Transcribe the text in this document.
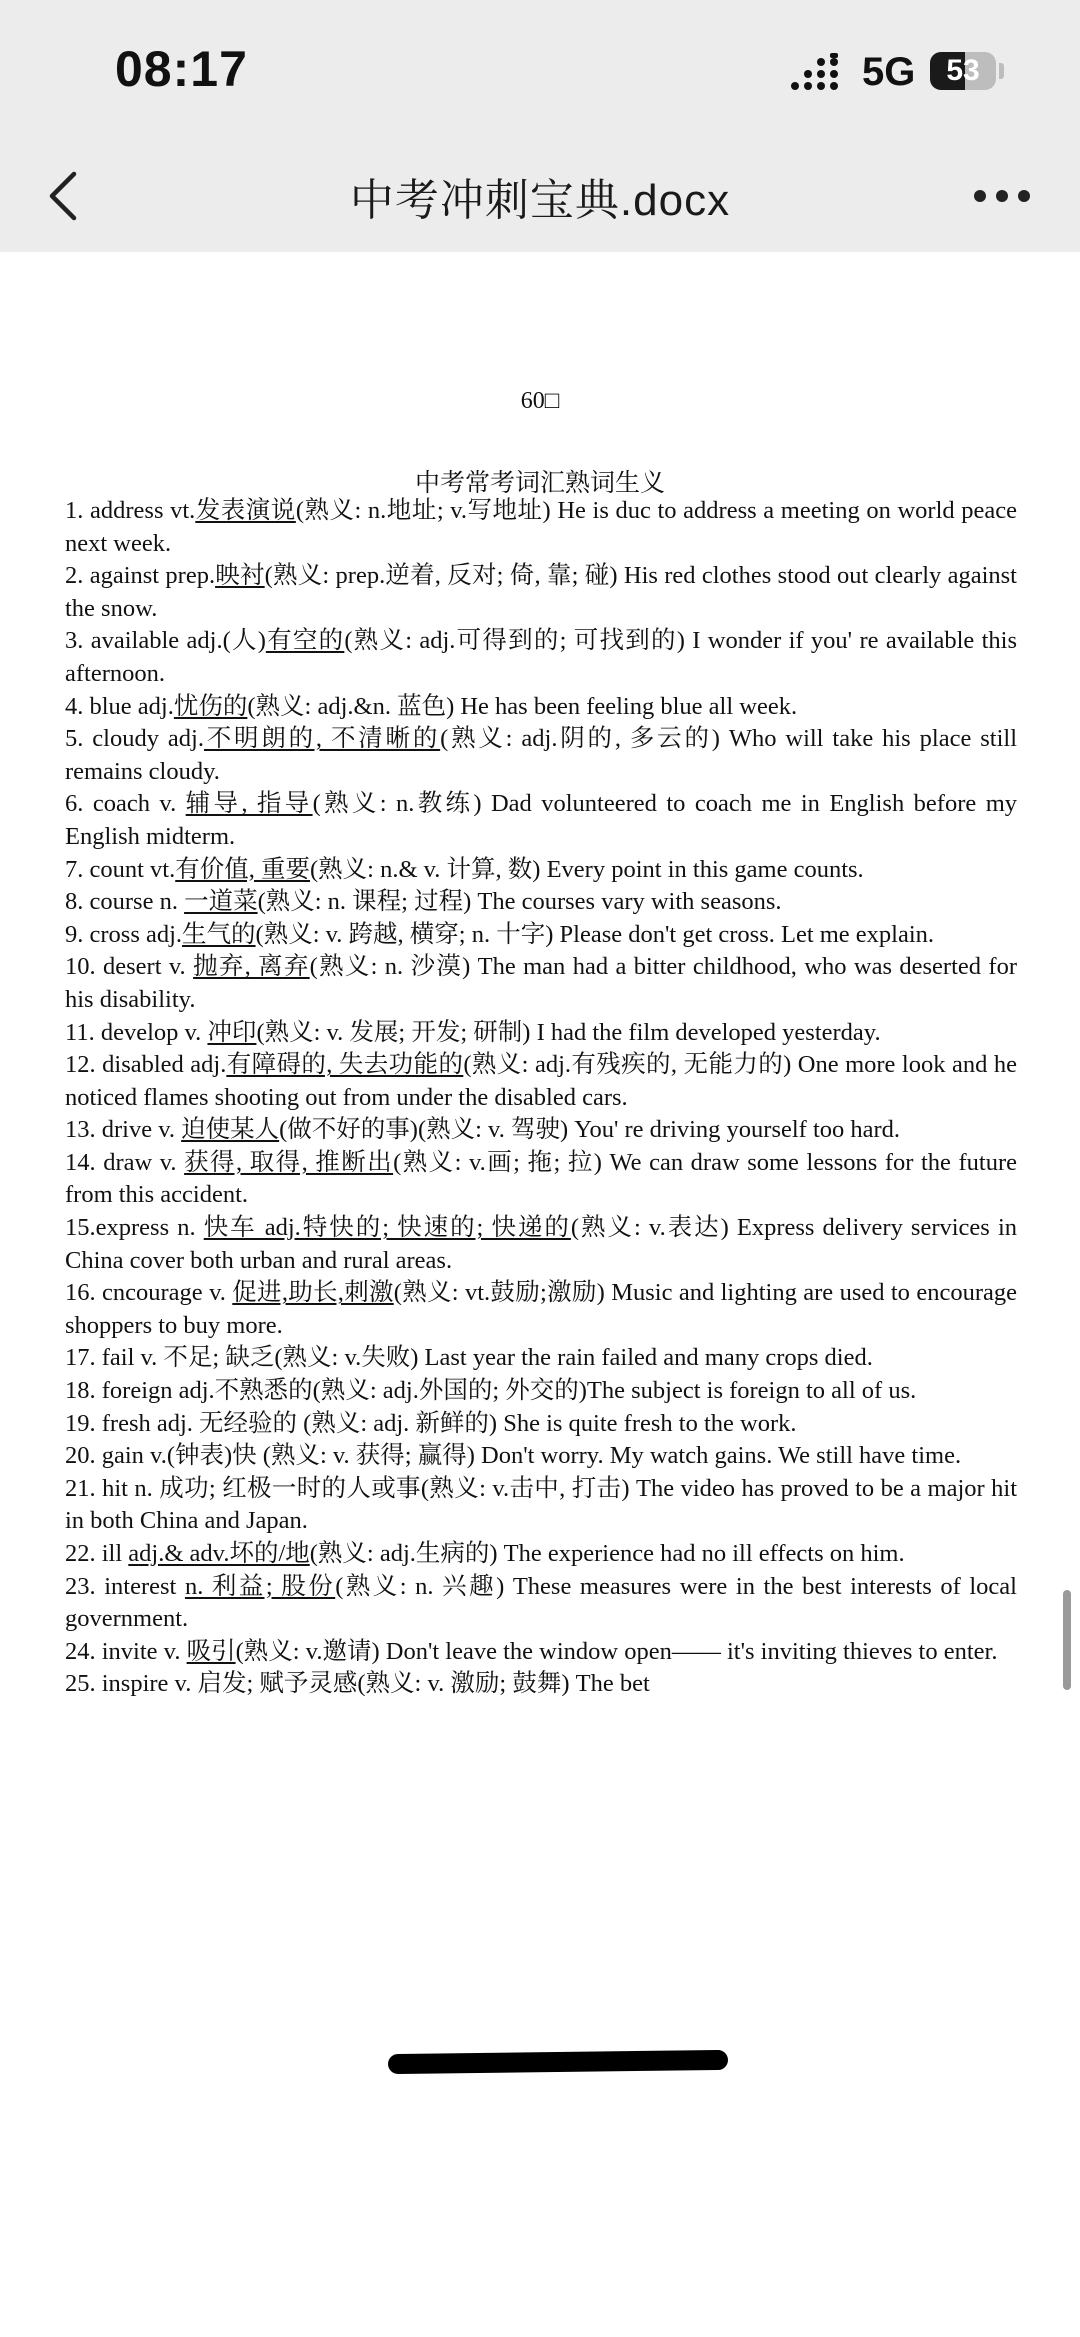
08:17	5G	53
中考冲刺宝典.docx
60□
中考常考词汇熟词生义

1. address vt.发表演说(熟义: n.地址; v.写地址) He is duc to address a meeting on world peace next week.

2. against prep.映衬(熟义: prep.逆着, 反对; 倚, 靠; 碰) His red clothes stood out clearly against the snow.

3. available adj.(人)有空的(熟义: adj.可得到的; 可找到的) I wonder if you' re available this afternoon.

4. blue adj.忧伤的(熟义: adj.&n. 蓝色) He has been feeling blue all week.

5. cloudy adj.不明朗的, 不清晰的(熟义: adj.阴的, 多云的) Who will take his place still remains cloudy.

6. coach v. 辅导, 指导(熟义: n.教练) Dad volunteered to coach me in English before my English midterm.

7. count vt.有价值, 重要(熟义: n.& v. 计算, 数) Every point in this game counts.

8. course n. 一道菜(熟义: n. 课程; 过程) The courses vary with seasons.

9. cross adj.生气的(熟义: v. 跨越, 横穿; n. 十字) Please don't get cross. Let me explain.

10. desert v. 抛弃, 离弃(熟义: n. 沙漠) The man had a bitter childhood, who was deserted for his disability.

11. develop v. 冲印(熟义: v. 发展; 开发; 研制) I had the film developed yesterday.

12. disabled adj.有障碍的, 失去功能的(熟义: adj.有残疾的, 无能力的) One more look and he noticed flames shooting out from under the disabled cars.

13. drive v. 迫使某人(做不好的事)(熟义: v. 驾驶) You' re driving yourself too hard.

14. draw v. 获得, 取得, 推断出(熟义: v.画; 拖; 拉) We can draw some lessons for the future from this accident.

15.express n. 快车 adj.特快的; 快速的; 快递的(熟义: v.表达) Express delivery services in China cover both urban and rural areas.

16. cncourage v. 促进,助长,刺激(熟义: vt.鼓励;激励) Music and lighting are used to encourage shoppers to buy more.

17. fail v. 不足; 缺乏(熟义: v.失败) Last year the rain failed and many crops died.

18. foreign adj.不熟悉的(熟义: adj.外国的; 外交的)The subject is foreign to all of us.

19. fresh adj. 无经验的 (熟义: adj. 新鲜的) She is quite fresh to the work.

20. gain v.(钟表)快 (熟义: v. 获得; 赢得) Don't worry. My watch gains. We still have time.

21. hit n. 成功; 红极一时的人或事(熟义: v.击中, 打击) The video has proved to be a major hit in both China and Japan.

22. ill adj.& adv.坏的/地(熟义: adj.生病的) The experience had no ill effects on him.

23. interest n. 利益; 股份(熟义: n. 兴趣) These measures were in the best interests of local government.

24. invite v. 吸引(熟义: v.邀请) Don't leave the window open—— it's inviting thieves to enter.

25. inspire v. 启发; 赋予灵感(熟义: v. 激励; 鼓舞) The bet
